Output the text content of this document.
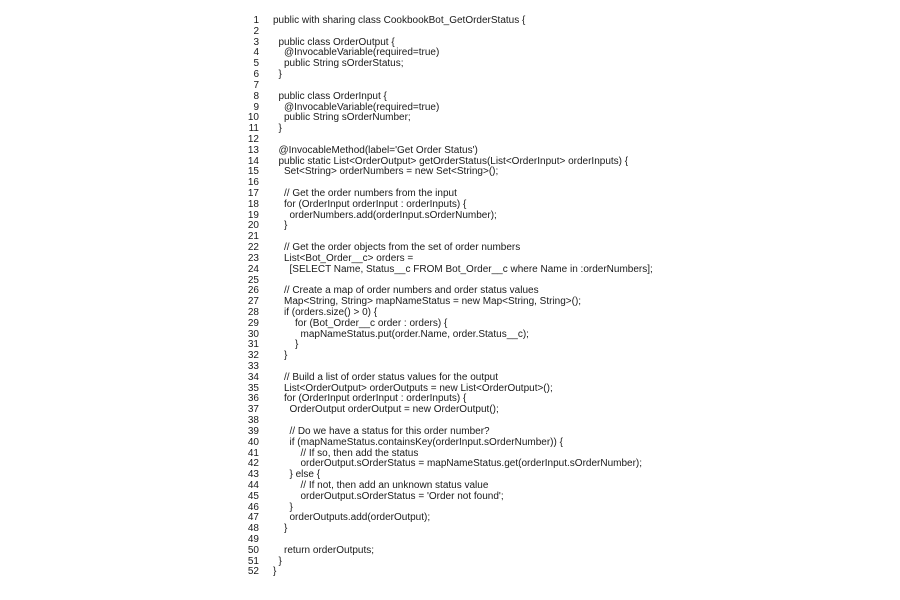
1 public with sharing class CookbookBot_GetOrderStatus {
2
3	public class OrderOutput {
4	@InvocableVariable(required=true)
5	public String sOrderStatus;
6	}
7
8	public class OrderInput {
9	@InvocableVariable(required=true)
10	public String sOrderNumber;
11	}
12
13	@InvocableMethod(label='Get Order Status')
14	public static List<OrderOutput> getOrderStatus(List<OrderInput> orderInputs) {
15	Set<String> orderNumbers = new Set<String>();
16
17	// Get the order numbers from the input
18	for (OrderInput orderInput : orderInputs) {
19	orderNumbers.add(orderInput.sOrderNumber);
20	}
21
22	// Get the order objects from the set of order numbers
23	List<Bot_Order__c> orders =
24	[SELECT Name, Status__c FROM Bot_Order__c where Name in :orderNumbers];
25
26	// Create a map of order numbers and order status values
27	Map<String, String> mapNameStatus = new Map<String, String>();
28	if (orders.size() > 0) {
29	for (Bot_Order__c order : orders) {
30	mapNameStatus.put(order.Name, order.Status__c);
31	}
32	}
33
34	// Build a list of order status values for the output
35	List<OrderOutput> orderOutputs = new List<OrderOutput>();
36	for (OrderInput orderInput : orderInputs) {
37	OrderOutput orderOutput = new OrderOutput();
38
39	// Do we have a status for this order number?
40	if (mapNameStatus.containsKey(orderInput.sOrderNumber)) {
41	// If so, then add the status
42	orderOutput.sOrderStatus = mapNameStatus.get(orderInput.sOrderNumber);
43	} else {
44	// If not, then add an unknown status value
45	orderOutput.sOrderStatus = 'Order not found';
46	}
47	orderOutputs.add(orderOutput);
48	}
49
50	return orderOutputs;
51	}
52 }
